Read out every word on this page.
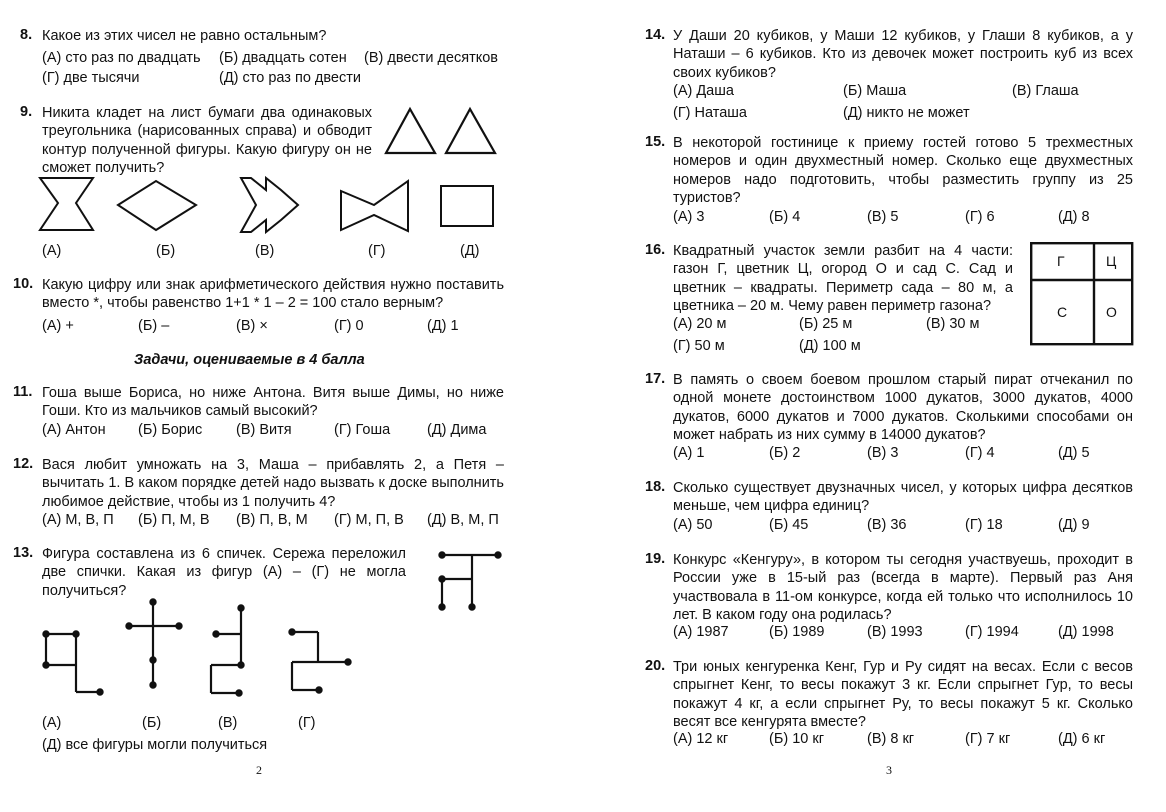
8. Какое из этих чисел не равно остальным?
(А) сто раз по двадцать (Б) двадцать сотен (В) двести десятков
(Г) две тысячи	(Д) сто раз по двести
9. Никита кладет на лист бумаги два одинаковых треугольника (нарисованных справа) и обводит контур полученной фигуры. Какую фигуру он не сможет получить?
(А)	(Б)	(В)	(Г)	(Д)
10. Какую цифру или знак арифметического действия нужно поставить вместо *, чтобы равенство 1+1 * 1 – 2 = 100 стало верным?
(А) +	(Б) –	(В) ×	(Г) 0	(Д) 1
Задачи, оцениваемые в 4 балла
11. Гоша выше Бориса, но ниже Антона. Витя выше Димы, но ниже Гоши. Кто из мальчиков самый высокий?
(А) Антон (Б) Борис (В) Витя	(Г) Гоша	(Д) Дима
12. Вася любит умножать на 3, Маша – прибавлять 2, а Петя – вычитать 1. В каком порядке детей надо вызвать к доске выполнить любимое действие, чтобы из 1 получить 4?
(А) М, В, П (Б) П, М, В (В) П, В, М (Г) М, П, В (Д) В, М, П
13. Фигура составлена из 6 спичек. Сережа переложил две спички. Какая из фигур (А) – (Г) не могла получиться?
(А)	(Б)	(В)	(Г)
(Д) все фигуры могли получиться
2
14. У Даши 20 кубиков, у Маши 12 кубиков, у Глаши 8 кубиков, а у Наташи – 6 кубиков. Кто из девочек может построить куб из всех своих кубиков?
(А) Даша	(Б) Маша	(В) Глаша
(Г) Наташа	(Д) никто не может
15. В некоторой гостинице к приему гостей готово 5 трехместных номеров и один двухместный номер. Сколько еще двухместных номеров надо подготовить, чтобы разместить группу из 25 туристов?
(А) 3	(Б) 4	(В) 5	(Г) 6	(Д) 8
16. Квадратный участок земли разбит на 4 части: газон Г, цветник Ц, огород О и сад С. Сад и цветник – квадраты. Периметр сада – 80 м, а цветника – 20 м. Чему равен периметр газона?
(А) 20 м	(Б) 25 м	(В) 30 м
(Г) 50 м	(Д) 100 м
Г	Ц
С	О
17. В память о своем боевом прошлом старый пират отчеканил по одной монете достоинством 1000 дукатов, 3000 дукатов, 4000 дукатов, 6000 дукатов и 7000 дукатов. Сколькими способами он может набрать из них сумму в 14000 дукатов?
(А) 1	(Б) 2	(В) 3	(Г) 4	(Д) 5
18. Сколько существует двузначных чисел, у которых цифра десятков меньше, чем цифра единиц?
(А) 50	(Б) 45	(В) 36	(Г) 18	(Д) 9
19. Конкурс «Кенгуру», в котором ты сегодня участвуешь, проходит в России уже в 15-ый раз (всегда в марте). Первый раз Аня участвовала в 11-ом конкурсе, когда ей только что исполнилось 10 лет. В каком году она родилась?
(А) 1987	(Б) 1989	(В) 1993	(Г) 1994	(Д) 1998
20. Три юных кенгуренка Кенг, Гур и Ру сидят на весах. Если с весов спрыгнет Кенг, то весы покажут 3 кг. Если спрыгнет Гур, то весы покажут 4 кг, а если спрыгнет Ру, то весы покажут 5 кг. Сколько весят все кенгурята вместе?
(А) 12 кг	(Б) 10 кг	(В) 8 кг	(Г) 7 кг	(Д) 6 кг
3
